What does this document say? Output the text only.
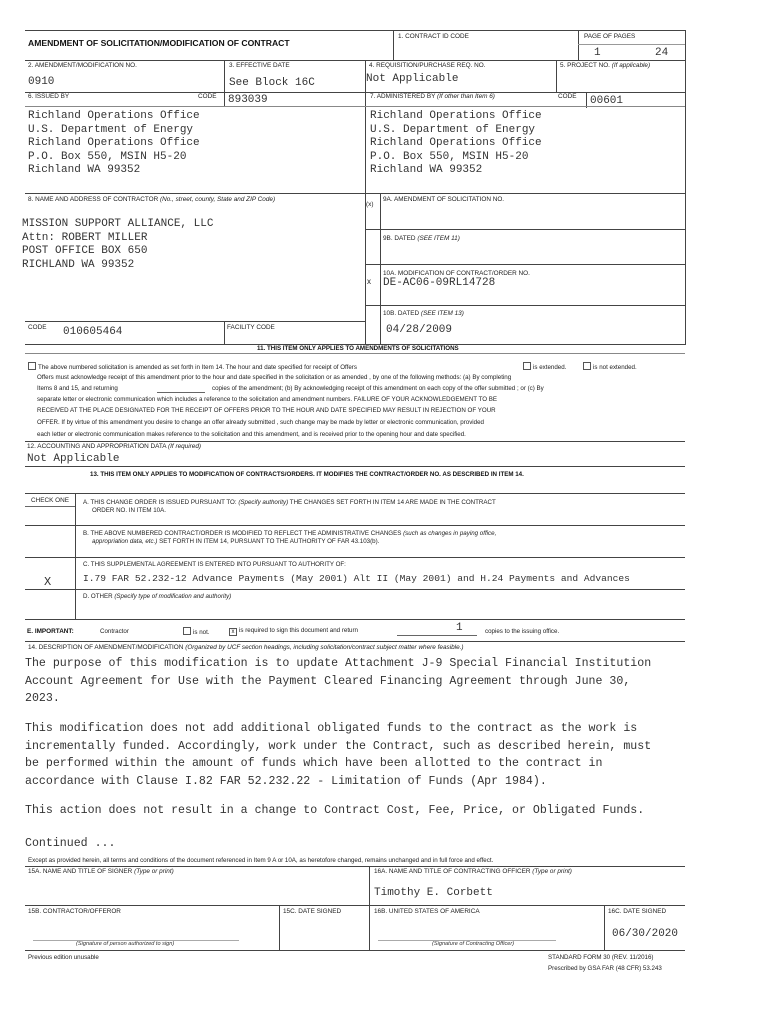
AMENDMENT OF SOLICITATION/MODIFICATION OF CONTRACT
1. CONTRACT ID CODE	PAGE OF PAGES
1	24
2. AMENDMENT/MODIFICATION NO.
0910
3. EFFECTIVE DATE
See Block 16C
4. REQUISITION/PURCHASE REQ. NO.
Not Applicable
5. PROJECT NO. (If applicable)
6. ISSUED BY	CODE 893039
Richland Operations Office
U.S. Department of Energy
Richland Operations Office
P.O. Box 550, MSIN H5-20
Richland WA 99352
7. ADMINISTERED BY (If other than Item 6)	CODE 00601
Richland Operations Office
U.S. Department of Energy
Richland Operations Office
P.O. Box 550, MSIN H5-20
Richland WA 99352
8. NAME AND ADDRESS OF CONTRACTOR (No., street, county, State and ZIP Code)
MISSION SUPPORT ALLIANCE, LLC
Attn: ROBERT MILLER
POST OFFICE BOX 650
RICHLAND WA 99352
(x)
9A. AMENDMENT OF SOLICITATION NO.
9B. DATED (SEE ITEM 11)
x
10A. MODIFICATION OF CONTRACT/ORDER NO.
DE-AC06-09RL14728
10B. DATED (SEE ITEM 13)
04/28/2009
CODE 010605464	FACILITY CODE
11. THIS ITEM ONLY APPLIES TO AMENDMENTS OF SOLICITATIONS
The above numbered solicitation is amended as set forth in Item 14. The hour and date specified for receipt of Offers	is extended.	is not extended.
Offers must acknowledge receipt of this amendment prior to the hour and date specified in the solicitation or as amended , by one of the following methods: (a) By completing
Items 8 and 15, and returning	copies of the amendment; (b) By acknowledging receipt of this amendment on each copy of the offer submitted ; or (c) By
separate letter or electronic communication which includes a reference to the solicitation and amendment numbers. FAILURE OF YOUR ACKNOWLEDGEMENT TO BE
RECEIVED AT THE PLACE DESIGNATED FOR THE RECEIPT OF OFFERS PRIOR TO THE HOUR AND DATE SPECIFIED MAY RESULT IN REJECTION OF YOUR
OFFER. If by virtue of this amendment you desire to change an offer already submitted , such change may be made by letter or electronic communication, provided
each letter or electronic communication makes reference to the solicitation and this amendment, and is received prior to the opening hour and date specified.
12. ACCOUNTING AND APPROPRIATION DATA (If required)
Not Applicable
13. THIS ITEM ONLY APPLIES TO MODIFICATION OF CONTRACTS/ORDERS. IT MODIFIES THE CONTRACT/ORDER NO. AS DESCRIBED IN ITEM 14.
CHECK ONE A. THIS CHANGE ORDER IS ISSUED PURSUANT TO: (Specify authority) THE CHANGES SET FORTH IN ITEM 14 ARE MADE IN THE CONTRACT
ORDER NO. IN ITEM 10A.
B. THE ABOVE NUMBERED CONTRACT/ORDER IS MODIFIED TO REFLECT THE ADMINISTRATIVE CHANGES (such as changes in paying office,
appropriation data, etc.) SET FORTH IN ITEM 14, PURSUANT TO THE AUTHORITY OF FAR 43.103(b).
C. THIS SUPPLEMENTAL AGREEMENT IS ENTERED INTO PURSUANT TO AUTHORITY OF:
X	I.79 FAR 52.232-12 Advance Payments (May 2001) Alt II (May 2001) and H.24 Payments and Advances
D. OTHER (Specify type of modification and authority)
E. IMPORTANT:	Contractor	is not.	x is required to sign this document and return	1	copies to the issuing office.
14. DESCRIPTION OF AMENDMENT/MODIFICATION (Organized by UCF section headings, including solicitation/contract subject matter where feasible.)
The purpose of this modification is to update Attachment J-9 Special Financial Institution
Account Agreement for Use with the Payment Cleared Financing Agreement through June 30,
2023.
This modification does not add additional obligated funds to the contract as the work is
incrementally funded. Accordingly, work under the Contract, such as described herein, must
be performed within the amount of funds which have been allotted to the contract in
accordance with Clause I.82 FAR 52.232.22 - Limitation of Funds (Apr 1984).
This action does not result in a change to Contract Cost, Fee, Price, or Obligated Funds.
Continued ...
Except as provided herein, all terms and conditions of the document referenced in Item 9 A or 10A, as heretofore changed, remains unchanged and in full force and effect.
15A. NAME AND TITLE OF SIGNER (Type or print)	16A. NAME AND TITLE OF CONTRACTING OFFICER (Type or print)
Timothy E. Corbett
15B. CONTRACTOR/OFFEROR	15C. DATE SIGNED	16B. UNITED STATES OF AMERICA	16C. DATE SIGNED
06/30/2020
(Signature of person authorized to sign)	(Signature of Contracting Officer)
Previous edition unusable	STANDARD FORM 30 (REV. 11/2016)
Prescribed by GSA FAR (48 CFR) 53.243
